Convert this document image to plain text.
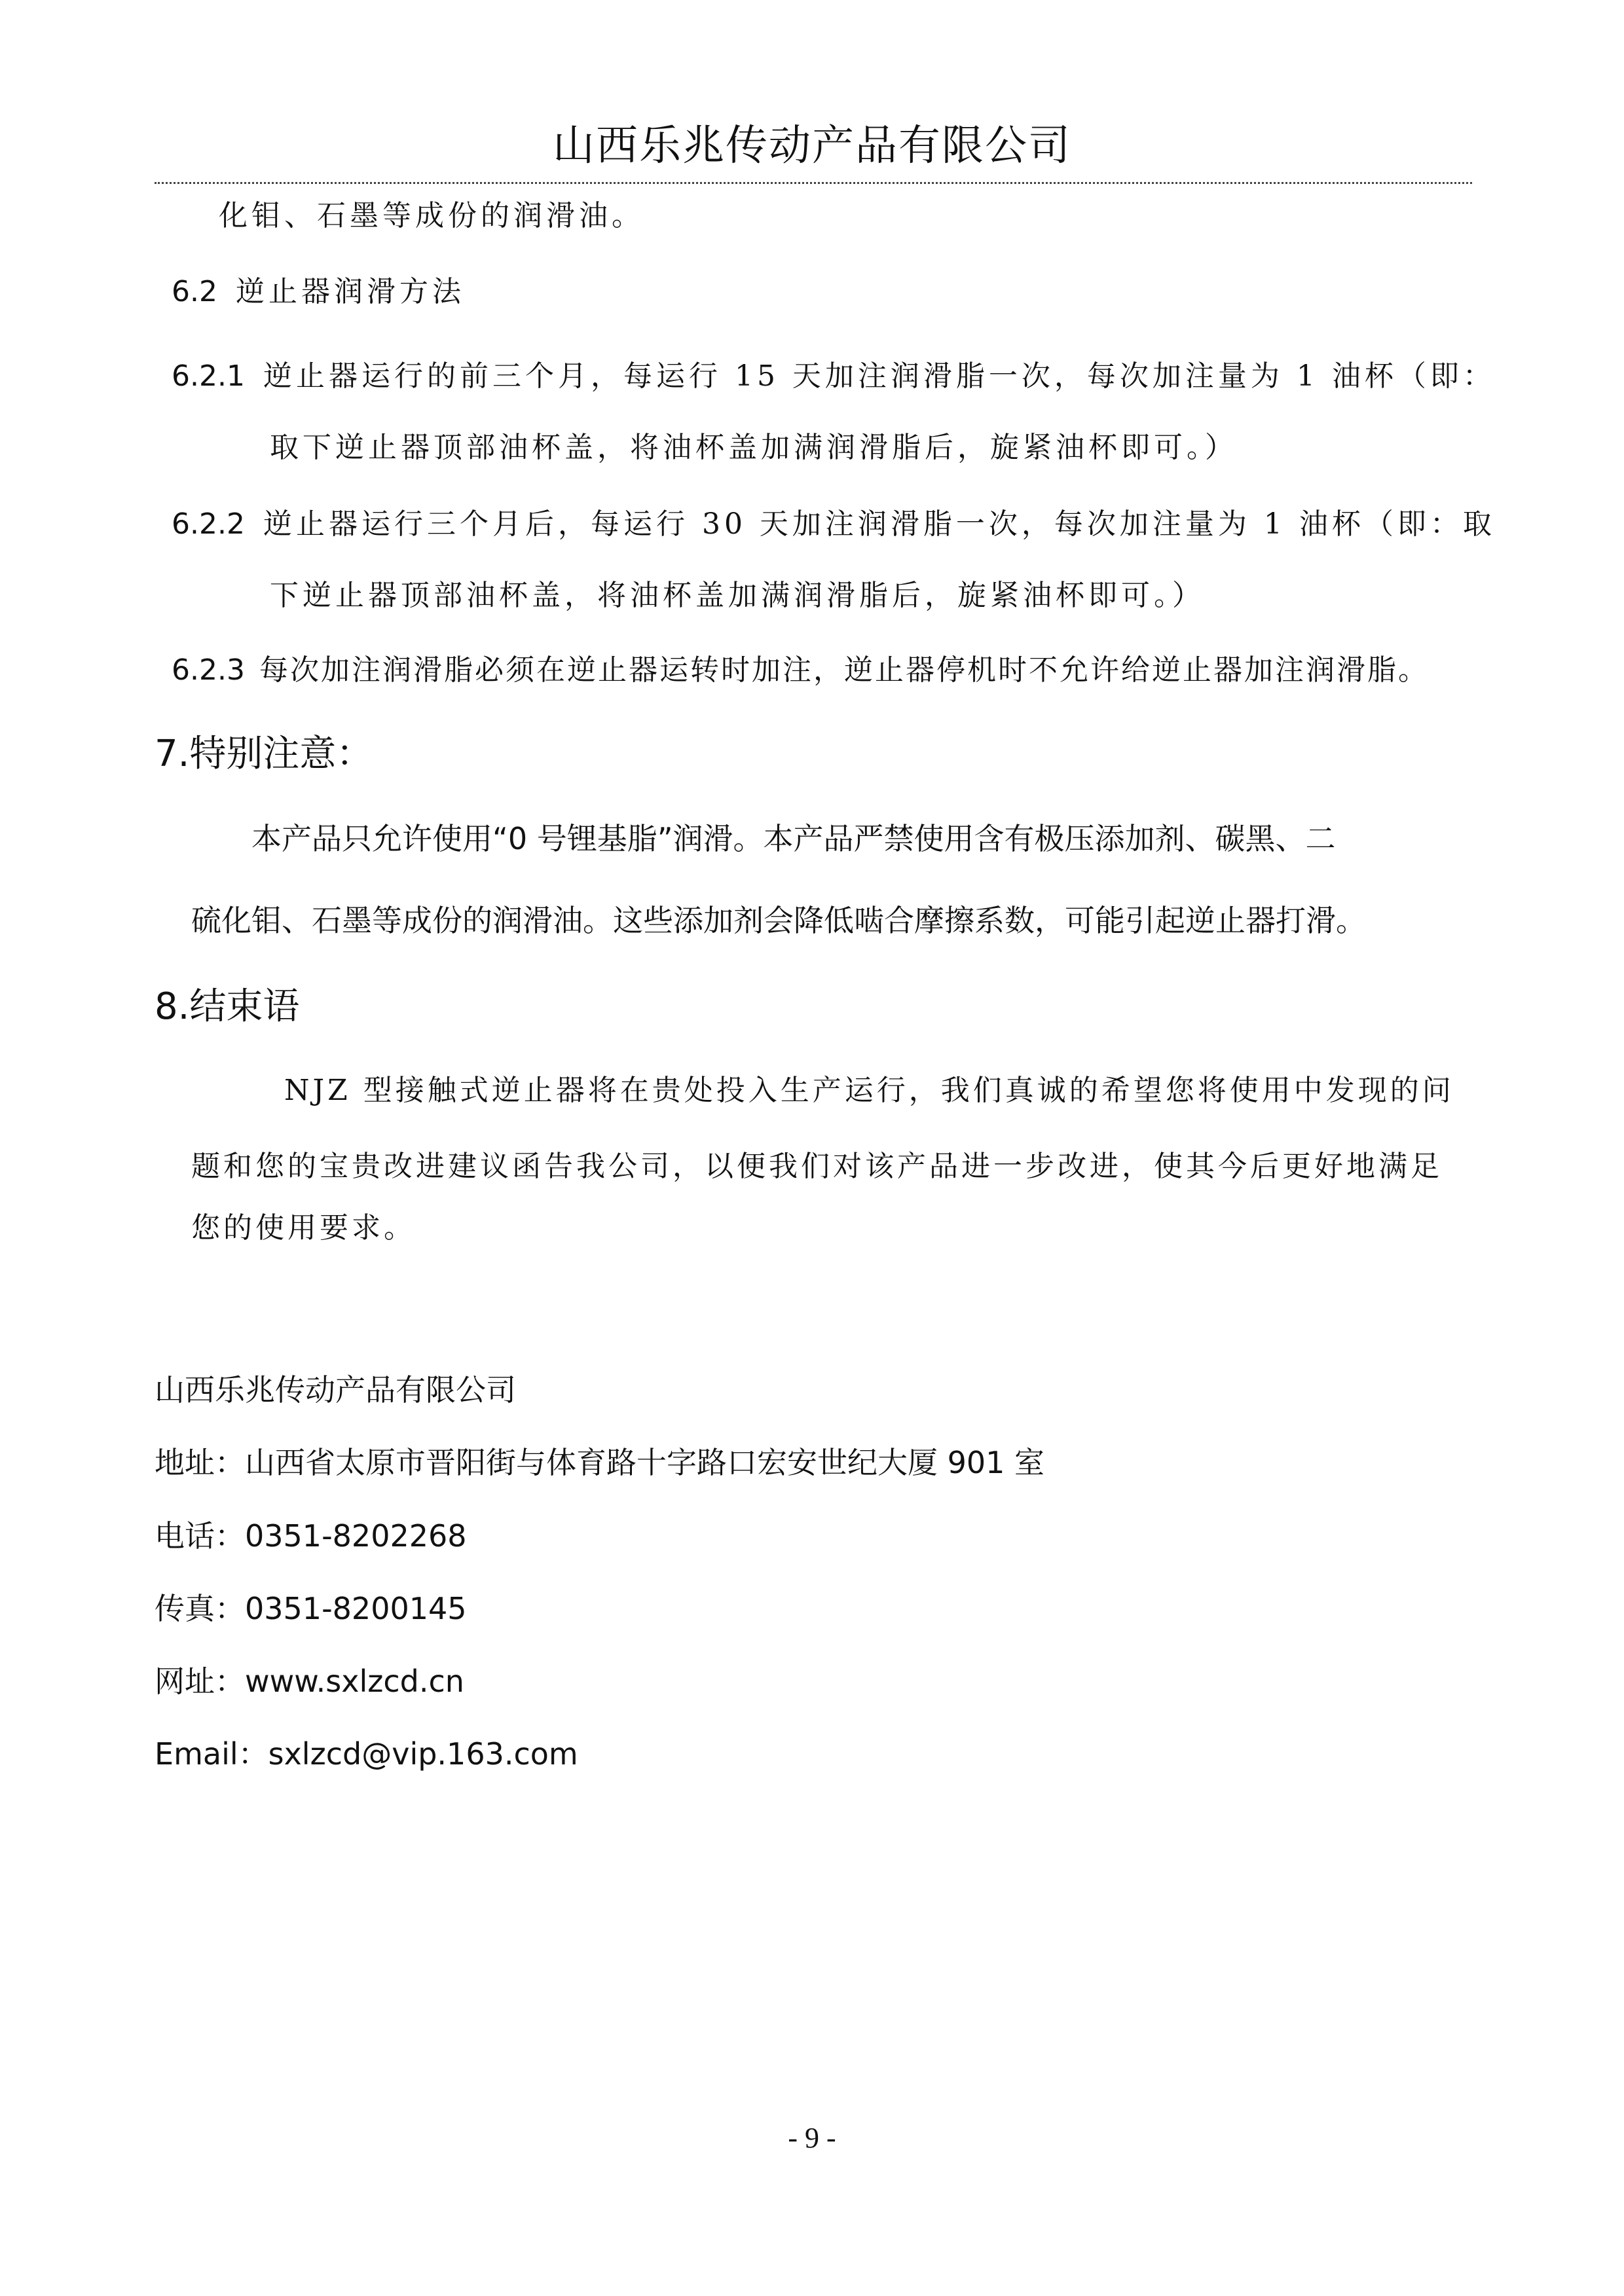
山西乐兆传动产品有限公司
化钼、石墨等成份的润滑油。
6.2 逆止器润滑方法
6.2.1 逆止器运行的前三个月，每运行 15 天加注润滑脂一次，每次加注量为 1 油杯（即：
取下逆止器顶部油杯盖，将油杯盖加满润滑脂后，旋紧油杯即可。）
6.2.2 逆止器运行三个月后，每运行 30 天加注润滑脂一次，每次加注量为 1 油杯（即：取
下逆止器顶部油杯盖，将油杯盖加满润滑脂后，旋紧油杯即可。）
6.2.3 每次加注润滑脂必须在逆止器运转时加注，逆止器停机时不允许给逆止器加注润滑脂。
7.特别注意：
本产品只允许使用“0 号锂基脂”润滑。本产品严禁使用含有极压添加剂、碳黑、二
硫化钼、石墨等成份的润滑油。这些添加剂会降低啮合摩擦系数，可能引起逆止器打滑。
8.结束语
NJZ 型接触式逆止器将在贵处投入生产运行，我们真诚的希望您将使用中发现的问
题和您的宝贵改进建议函告我公司，以便我们对该产品进一步改进，使其今后更好地满足
您的使用要求。
山西乐兆传动产品有限公司
地址：山西省太原市晋阳街与体育路十字路口宏安世纪大厦 901 室
电话：0351-8202268
传真：0351-8200145
网址：www.sxlzcd.cn
Email：sxlzcd@vip.163.com
- 9 -
